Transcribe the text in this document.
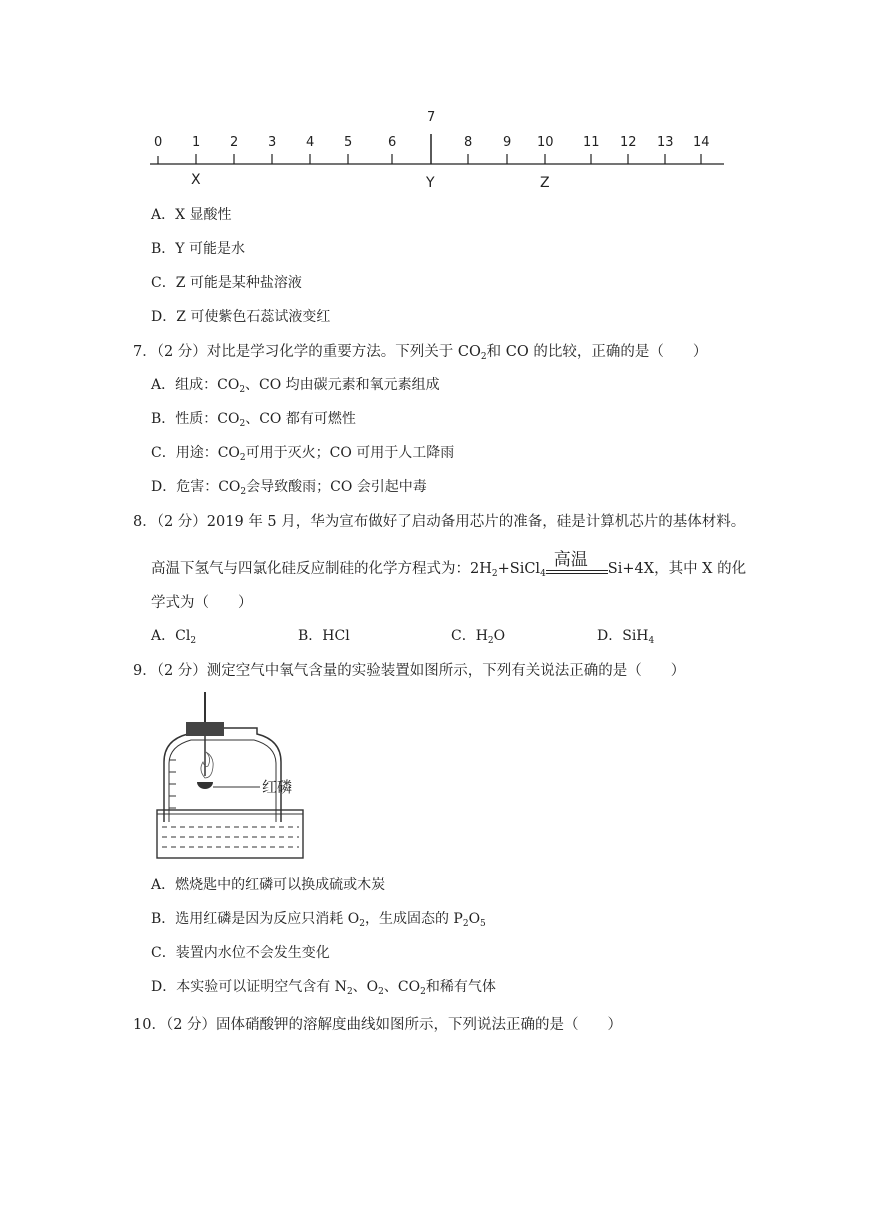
0 1 2 3 4 5	6
7
8 9 10 11 12 13 14
X	Y	Z
A．X 显酸性
B．Y 可能是水
C．Z 可能是某种盐溶液
D．Z 可使紫色石蕊试液变红
7．（2 分）对比是学习化学的重要方法。下列关于 $CO_2$和 CO 的比较，正确的是（　　）
A．组成：$CO_2$、CO 均由碳元素和氧元素组成
B．性质：$CO_2$、CO 都有可燃性
C．用途：$CO_2$可用于灭火；CO 可用于人工降雨
D．危害：$CO_2$会导致酸雨；CO 会引起中毒
8．（2 分）2019 年 5 月，华为宣布做好了启动备用芯片的准备，硅是计算机芯片的基体材料。
高温下氢气与四氯化硅反应制硅的化学方程式为：$2H_2+SiCl_4$
高温 Si+4X，其中 X 的化
学式为（　　）
A．$Cl_2$	B．HCl	C．$H_2O$	D．SiH$_4$
9．（2 分）测定空气中氧气含量的实验装置如图所示，下列有关说法正确的是（　　）
红磷
A．燃烧匙中的红磷可以换成硫或木炭
B．选用红磷是因为反应只消耗 $O_2$，生成固态的 $P_2O_5$
C．装置内水位不会发生变化
D．本实验可以证明空气含有 $N_2$、$O_2$、$CO_2$和稀有气体
10．（2 分）固体硝酸钾的溶解度曲线如图所示，下列说法正确的是（　　）
